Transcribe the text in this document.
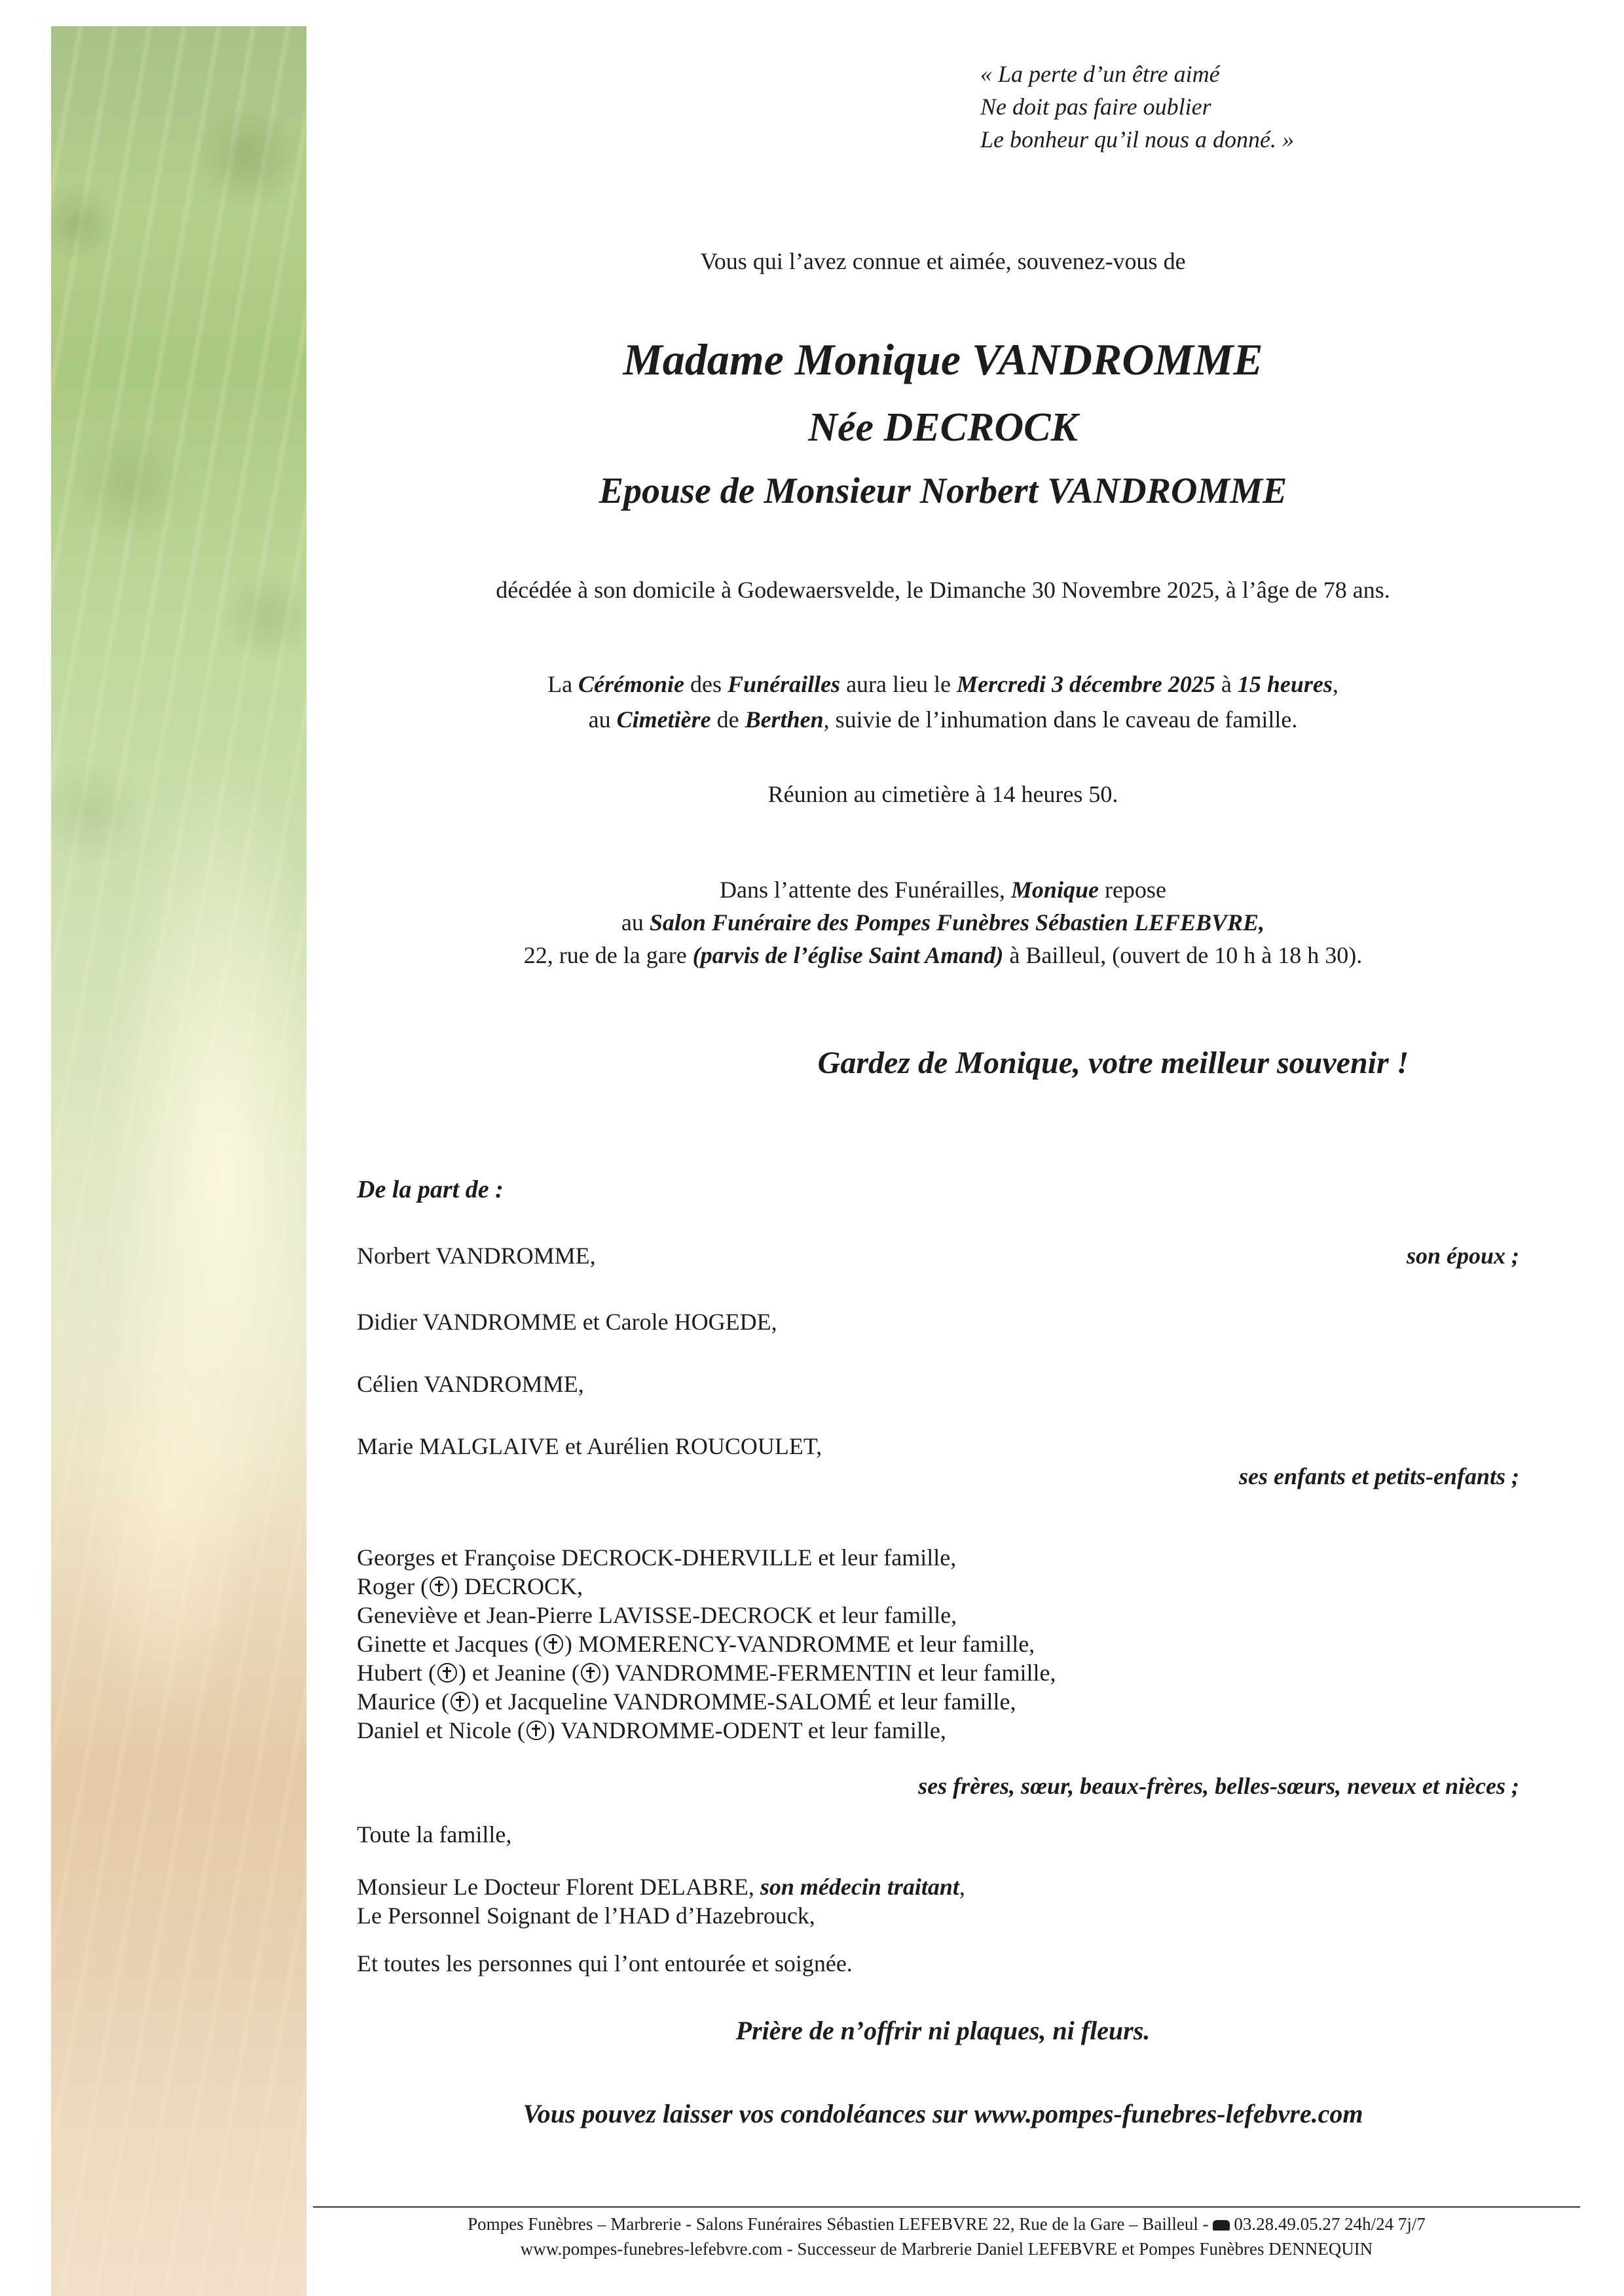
« La perte d’un être aimé
Ne doit pas faire oublier
Le bonheur qu’il nous a donné. »

Vous qui l’avez connue et aimée, souvenez-vous de

Madame Monique VANDROMME

Née DECROCK

Epouse de Monsieur Norbert VANDROMME

décédée à son domicile à Godewaersvelde, le Dimanche 30 Novembre 2025, à l’âge de 78 ans.

La Cérémonie des Funérailles aura lieu le Mercredi 3 décembre 2025 à 15 heures,
au Cimetière de Berthen, suivie de l’inhumation dans le caveau de famille.

Réunion au cimetière à 14 heures 50.

Dans l’attente des Funérailles, Monique repose
au Salon Funéraire des Pompes Funèbres Sébastien LEFEBVRE,
22, rue de la gare (parvis de l’église Saint Amand) à Bailleul, (ouvert de 10 h à 18 h 30).

Gardez de Monique, votre meilleur souvenir !

De la part de :

Norbert VANDROMME,	son époux ;

Didier VANDROMME et Carole HOGEDE,

Célien VANDROMME,

Marie MALGLAIVE et Aurélien ROUCOULET,

ses enfants et petits-enfants ;

Georges et Françoise DECROCK-DHERVILLE et leur famille,
Roger ( ) DECROCK,
Geneviève et Jean-Pierre LAVISSE-DECROCK et leur famille,
Ginette et Jacques ( ) MOMERENCY-VANDROMME et leur famille,
Hubert ( ) et Jeanine ( ) VANDROMME-FERMENTIN et leur famille,
Maurice ( ) et Jacqueline VANDROMME-SALOMÉ et leur famille,
Daniel et Nicole ( ) VANDROMME-ODENT et leur famille,

ses frères, sœur, beaux-frères, belles-sœurs, neveux et nièces ;

Toute la famille,

Monsieur Le Docteur Florent DELABRE, son médecin traitant,

Le Personnel Soignant de l’HAD d’Hazebrouck,

Et toutes les personnes qui l’ont entourée et soignée.

Prière de n’offrir ni plaques, ni fleurs.

Vous pouvez laisser vos condoléances sur www.pompes-funebres-lefebvre.com

Pompes Funèbres – Marbrerie - Salons Funéraires Sébastien LEFEBVRE 22, Rue de la Gare – Bailleul - 03.28.49.05.27 24h/24 7j/7

www.pompes-funebres-lefebvre.com - Successeur de Marbrerie Daniel LEFEBVRE et Pompes Funèbres DENNEQUIN
